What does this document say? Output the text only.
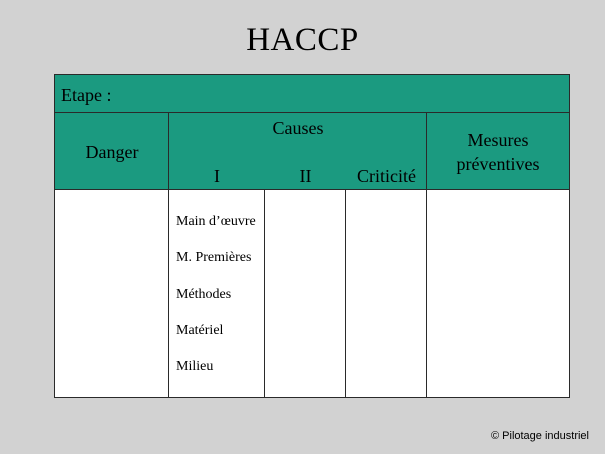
HACCP
Etape :
Danger
Causes
I	II	Criticité
Mesures
préventives
Main d’œuvre
M. Premières
Méthodes
Matériel
Milieu
© Pilotage industriel
